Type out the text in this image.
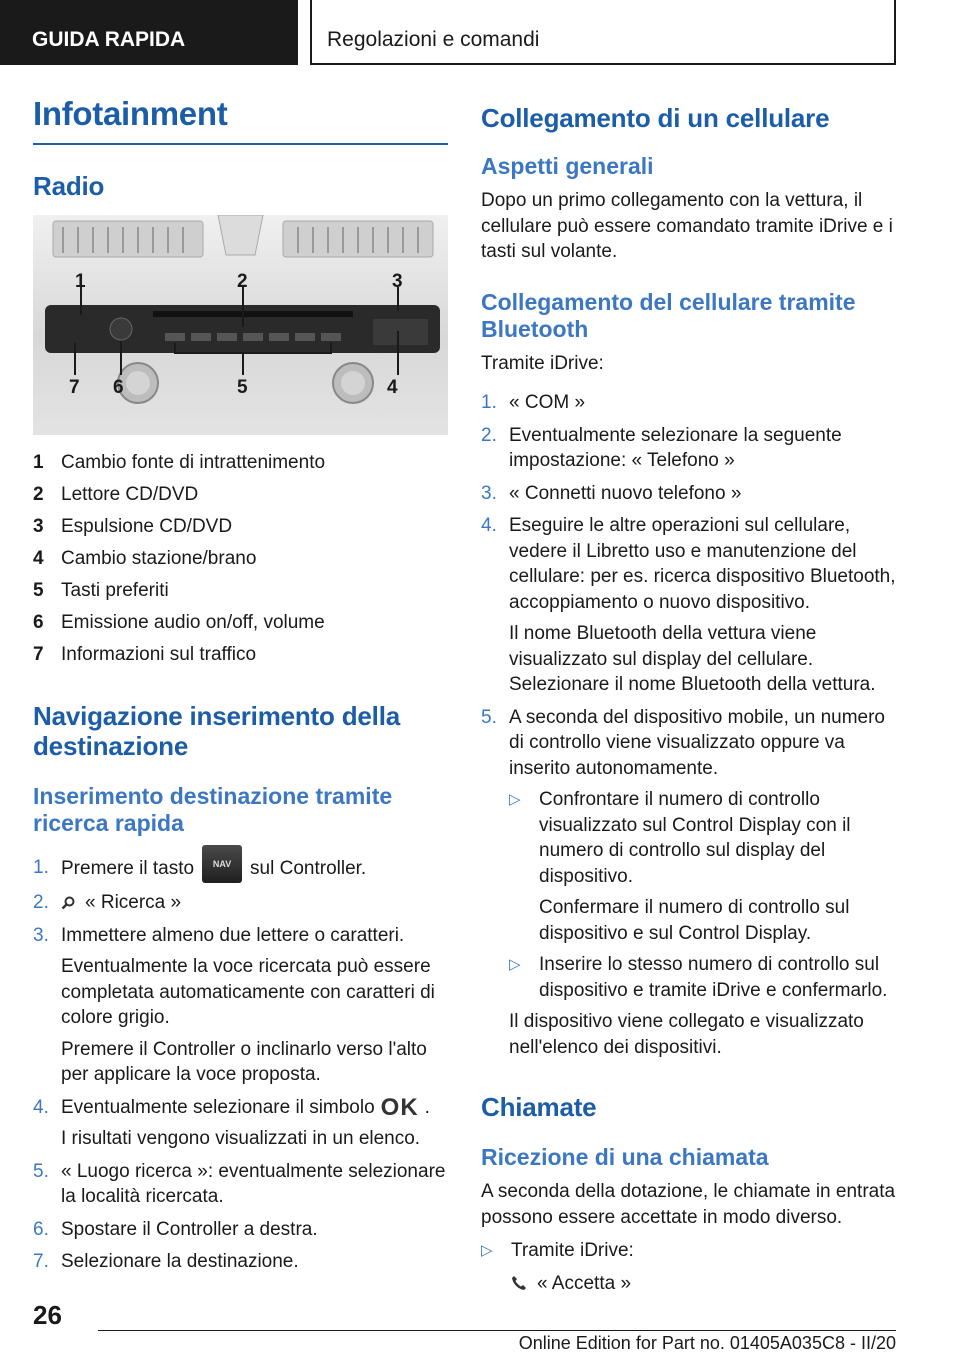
GUIDA RAPIDA	Regolazioni e comandi
Infotainment
Radio
1	2	3
4
5
6
7
1 Cambio fonte di intrattenimento
2 Lettore CD/DVD
3 Espulsione CD/DVD
4 Cambio stazione/brano
5 Tasti preferiti
6 Emissione audio on/off, volume
7 Informazioni sul traffico
Navigazione inserimento della destinazione
Inserimento destinazione tramite ricerca rapida
1. Premere il tasto NAV sul Controller.
2. « Ricerca »
3. Immettere almeno due lettere o caratteri.

Eventualmente la voce ricercata può essere completata automaticamente con caratteri di colore grigio.

Premere il Controller o inclinarlo verso l'alto per applicare la voce proposta.

4. Eventualmente selezionare il simbolo OK .

I risultati vengono visualizzati in un elenco.

5. « Luogo ricerca »: eventualmente selezionare la località ricercata.
6. Spostare il Controller a destra.
7. Selezionare la destinazione.
Collegamento di un cellulare
Aspetti generali

Dopo un primo collegamento con la vettura, il cellulare può essere comandato tramite iDrive e i tasti sul volante.

Collegamento del cellulare tramite Bluetooth

Tramite iDrive:

1. « COM »
2. Eventualmente selezionare la seguente impostazione: « Telefono »
3. « Connetti nuovo telefono »
4. Eseguire le altre operazioni sul cellulare, vedere il Libretto uso e manutenzione del cellulare: per es. ricerca dispositivo Bluetooth, accoppiamento o nuovo dispositivo.

Il nome Bluetooth della vettura viene visualizzato sul display del cellulare. Selezionare il nome Bluetooth della vettura.

5. A seconda del dispositivo mobile, un numero di controllo viene visualizzato oppure va inserito autonomamente.
▷ Confrontare il numero di controllo visualizzato sul Control Display con il numero di controllo sul display del dispositivo.

Confermare il numero di controllo sul dispositivo e sul Control Display.

▷ Inserire lo stesso numero di controllo sul dispositivo e tramite iDrive e confermarlo.

Il dispositivo viene collegato e visualizzato nell'elenco dei dispositivi.

Chiamate
Ricezione di una chiamata

A seconda della dotazione, le chiamate in entrata possono essere accettate in modo diverso.

▷ Tramite iDrive:

« Accetta »

26
Online Edition for Part no. 01405A035C8 - II/20
